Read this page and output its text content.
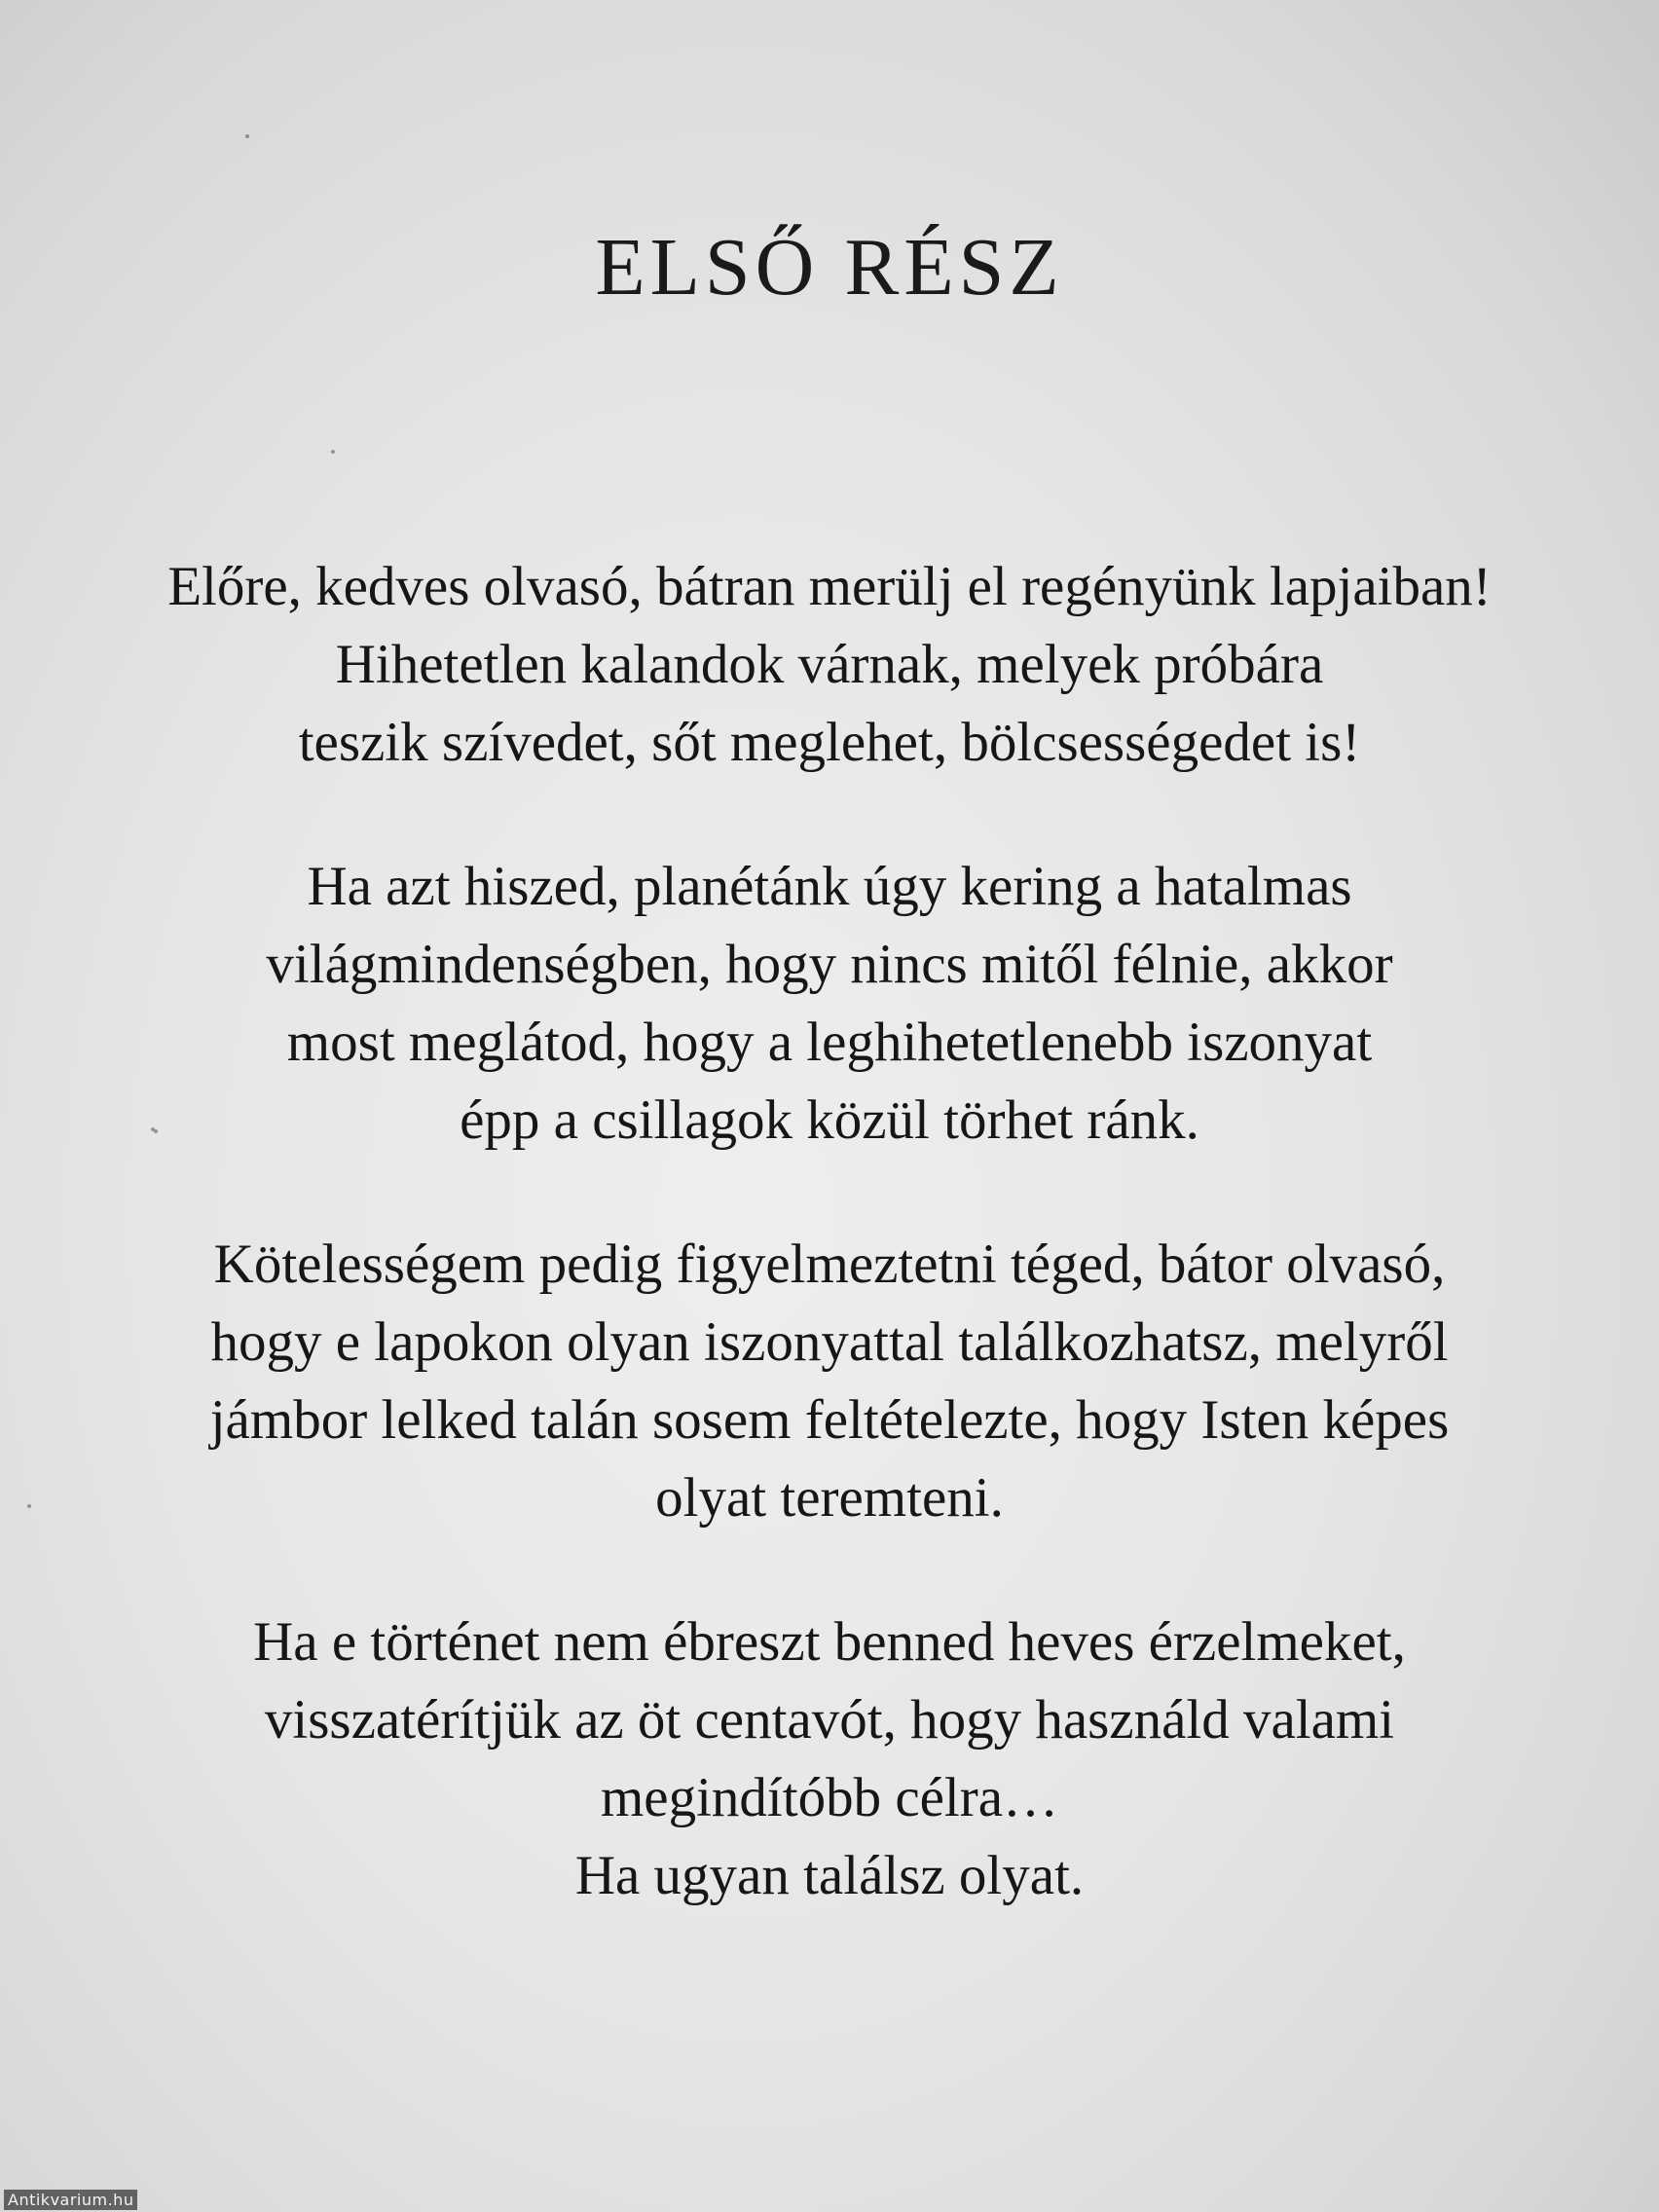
ELSŐ RÉSZ

Előre, kedves olvasó, bátran merülj el regényünk lapjaiban!
Hihetetlen kalandok várnak, melyek próbára
teszik szívedet, sőt meglehet, bölcsességedet is!

Ha azt hiszed, planétánk úgy kering a hatalmas
világmindenségben, hogy nincs mitől félnie, akkor
most meglátod, hogy a leghihetetlenebb iszonyat
épp a csillagok közül törhet ránk.

Kötelességem pedig figyelmeztetni téged, bátor olvasó,
hogy e lapokon olyan iszonyattal találkozhatsz, melyről
jámbor lelked talán sosem feltételezte, hogy Isten képes
olyat teremteni.

Ha e történet nem ébreszt benned heves érzelmeket,
visszatérítjük az öt centavót, hogy használd valami
megindítóbb célra…
Ha ugyan találsz olyat.

Antikvarium.hu
